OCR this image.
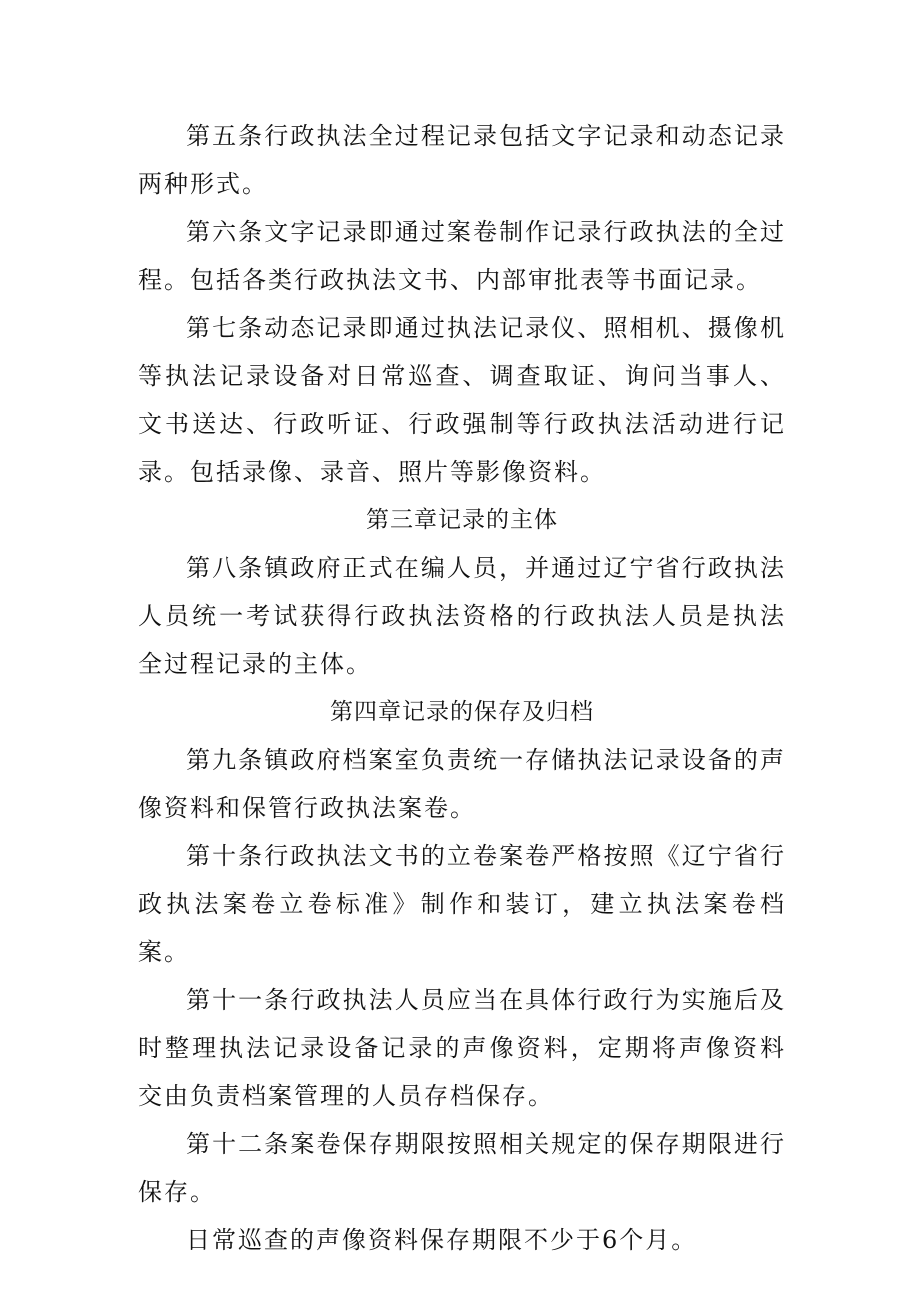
第五条行政执法全过程记录包括文字记录和动态记录两种形式。

第六条文字记录即通过案卷制作记录行政执法的全过程。包括各类行政执法文书、内部审批表等书面记录。

第七条动态记录即通过执法记录仪、照相机、摄像机等执法记录设备对日常巡查、调查取证、询问当事人、文书送达、行政听证、行政强制等行政执法活动进行记录。包括录像、录音、照片等影像资料。

第三章记录的主体

第八条镇政府正式在编人员，并通过辽宁省行政执法人员统一考试获得行政执法资格的行政执法人员是执法全过程记录的主体。

第四章记录的保存及归档

第九条镇政府档案室负责统一存储执法记录设备的声像资料和保管行政执法案卷。

第十条行政执法文书的立卷案卷严格按照《辽宁省行政执法案卷立卷标准》制作和装订，建立执法案卷档案。

第十一条行政执法人员应当在具体行政行为实施后及时整理执法记录设备记录的声像资料，定期将声像资料交由负责档案管理的人员存档保存。

第十二条案卷保存期限按照相关规定的保存期限进行保存。

日常巡查的声像资料保存期限不少于6个月。
